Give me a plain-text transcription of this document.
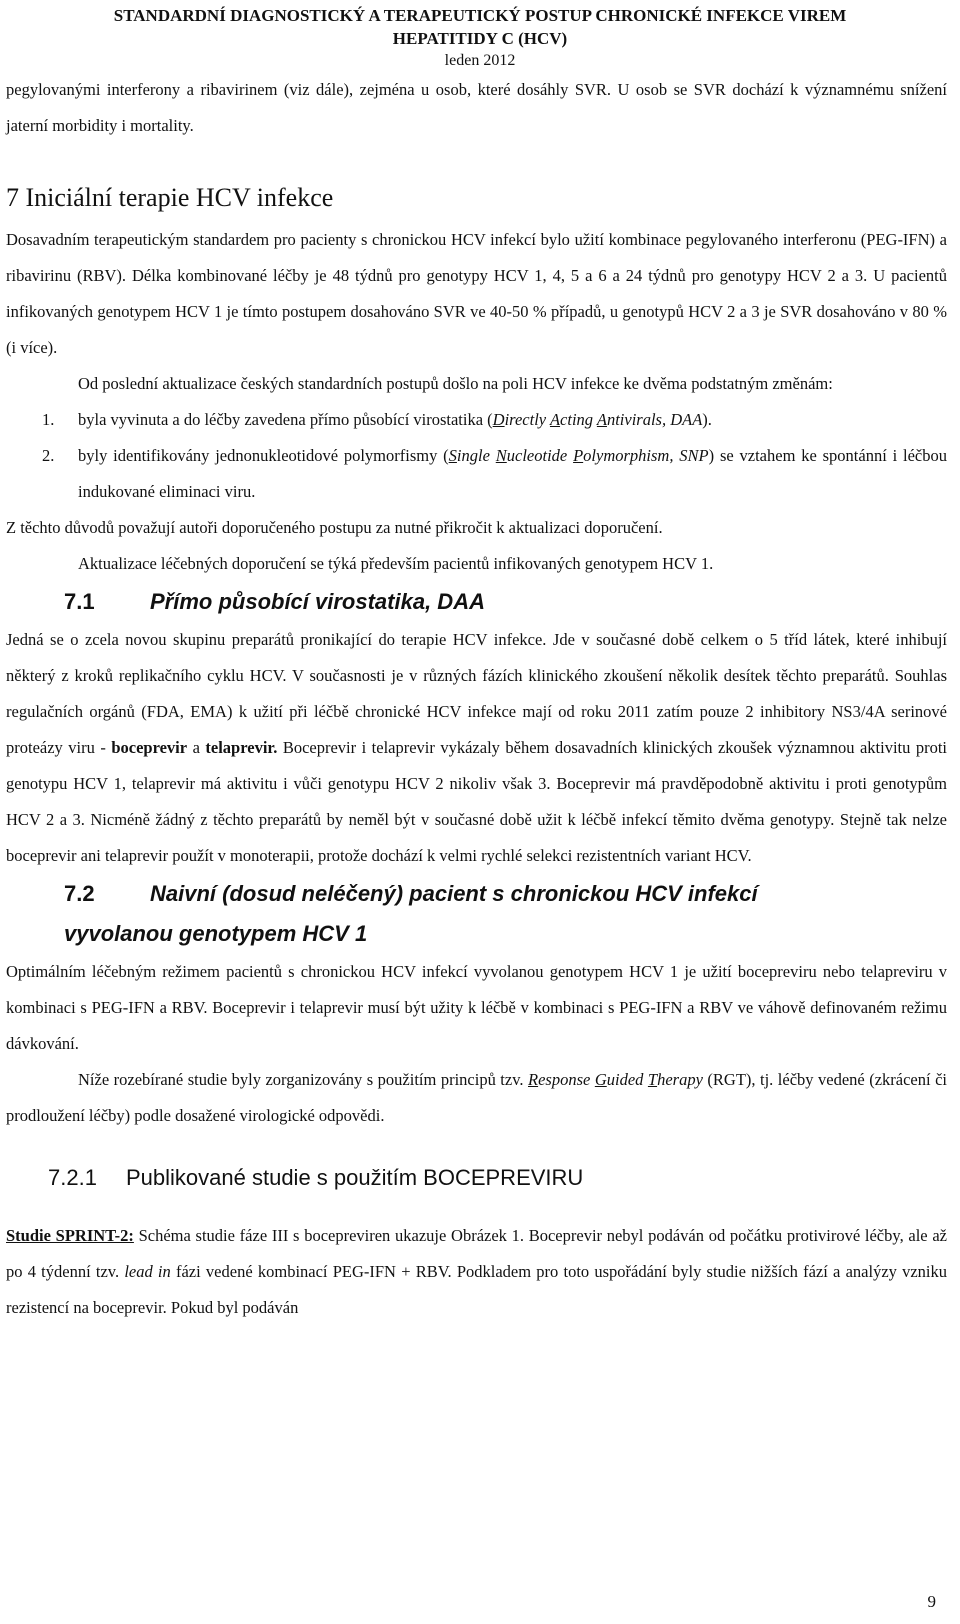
STANDARDNÍ DIAGNOSTICKÝ A TERAPEUTICKÝ POSTUP CHRONICKÉ INFEKCE VIREM
HEPATITIDY C (HCV)
leden 2012

pegylovanými interferony a ribavirinem (viz dále), zejména u osob, které dosáhly SVR. U osob se SVR dochází k významnému snížení jaterní morbidity i mortality.

7 Iniciální terapie HCV infekce

Dosavadním terapeutickým standardem pro pacienty s chronickou HCV infekcí bylo užití kombinace pegylovaného interferonu (PEG-IFN) a ribavirinu (RBV). Délka kombinované léčby je 48 týdnů pro genotypy HCV 1, 4, 5 a 6 a 24 týdnů pro genotypy HCV 2 a 3. U pacientů infikovaných genotypem HCV 1 je tímto postupem dosahováno SVR ve 40-50 % případů, u genotypů HCV 2 a 3 je SVR dosahováno v 80 % (i více).

Od poslední aktualizace českých standardních postupů došlo na poli HCV infekce ke dvěma podstatným změnám:

1. byla vyvinuta a do léčby zavedena přímo působící virostatika (Directly Acting Antivirals, DAA).
2. byly identifikovány jednonukleotidové polymorfismy (Single Nucleotide Polymorphism, SNP) se vztahem ke spontánní i léčbou indukované eliminaci viru.

Z těchto důvodů považují autoři doporučeného postupu za nutné přikročit k aktualizaci doporučení.

Aktualizace léčebných doporučení se týká především pacientů infikovaných genotypem HCV 1.

7.1	Přímo působící virostatika, DAA

Jedná se o zcela novou skupinu preparátů pronikající do terapie HCV infekce. Jde v současné době celkem o 5 tříd látek, které inhibují některý z kroků replikačního cyklu HCV. V současnosti je v různých fázích klinického zkoušení několik desítek těchto preparátů. Souhlas regulačních orgánů (FDA, EMA) k užití při léčbě chronické HCV infekce mají od roku 2011 zatím pouze 2 inhibitory NS3/4A serinové proteázy viru - boceprevir a telaprevir. Boceprevir i telaprevir vykázaly během dosavadních klinických zkoušek významnou aktivitu proti genotypu HCV 1, telaprevir má aktivitu i vůči genotypu HCV 2 nikoliv však 3. Boceprevir má pravděpodobně aktivitu i proti genotypům HCV 2 a 3. Nicméně žádný z těchto preparátů by neměl být v současné době užit k léčbě infekcí těmito dvěma genotypy. Stejně tak nelze boceprevir ani telaprevir použít v monoterapii, protože dochází k velmi rychlé selekci rezistentních variant HCV.

7.2	Naivní (dosud neléčený) pacient s chronickou HCV infekcí
vyvolanou genotypem HCV 1

Optimálním léčebným režimem pacientů s chronickou HCV infekcí vyvolanou genotypem HCV 1 je užití bocepreviru nebo telapreviru v kombinaci s PEG-IFN a RBV. Boceprevir i telaprevir musí být užity k léčbě v kombinaci s PEG-IFN a RBV ve váhově definovaném režimu dávkování.

Níže rozebírané studie byly zorganizovány s použitím principů tzv. Response Guided Therapy (RGT), tj. léčby vedené (zkrácení či prodloužení léčby) podle dosažené virologické odpovědi.

7.2.1 Publikované studie s použitím BOCEPREVIRU

Studie SPRINT-2: Schéma studie fáze III s bocepreviren ukazuje Obrázek 1. Boceprevir nebyl podáván od počátku protivirové léčby, ale až po 4 týdenní tzv. lead in fázi vedené kombinací PEG-IFN + RBV. Podkladem pro toto uspořádání byly studie nižších fází a analýzy vzniku rezistencí na boceprevir. Pokud byl podáván

9
